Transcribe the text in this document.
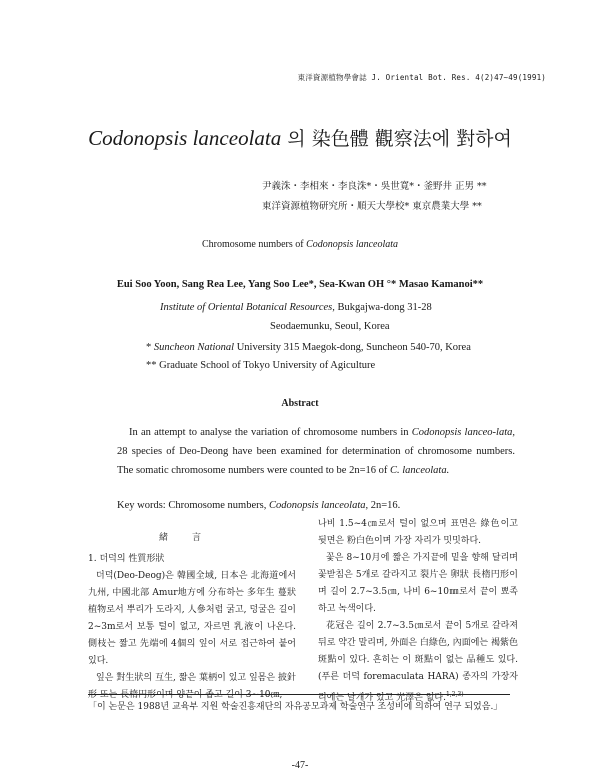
東洋資源植物學會誌 J. Oriental Bot. Res. 4(2)47~49(1991)
Codonopsis lanceolata 의 染色體 觀察法에 對하여
尹義洙・李相來・李良洙*・吳世寬*・釜野井 正男 **
東洋資源植物研究所・順天大學校* 東京農業大學 **
Chromosome numbers of Codonopsis lanceolata
Eui Soo Yoon, Sang Rea Lee, Yang Soo Lee*, Sea-Kwan OH °* Masao Kamanoi**
Institute of Oriental Botanical Resources, Bukgajwa-dong 31-28
Seodaemunku, Seoul, Korea
* Suncheon National University 315 Maegok-dong, Suncheon 540-70, Korea
** Graduate School of Tokyo University of Agiculture
Abstract
In an attempt to analyse the variation of chromosome numbers in Codonopsis lanceo-lata, 28 species of Deo-Deong have been examined for determination of chromosome numbers. The somatic chromosome numbers were counted to be 2n=16 of C. lanceolata.
Key words: Chromosome numbers, Codonopsis lanceolata, 2n=16.
緒言
1. 더덕의 性質形狀

더덕(Deo-Deog)은 韓國全域, 日本은 北海道에서 九州, 中國北部 Amur地方에 分布하는 多年生 蔓狀植物로서 뿌리가 도라지, 人參처럼 굵고, 덩굴은 길이 2~3m로서 보통 털이 없고, 자르면 乳液이 나온다. 側枝는 짧고 先端에 4個의 잎이 서로 접근하여 붙어 있다.

잎은 對生狀의 互生, 짧은 葉柄이 있고 잎몸은 披針形 또는 長楕円形이며 양끝이 좁고 길이 3~10㎝,

나비 1.5~4㎝로서 털이 없으며 표면은 綠色이고 뒷면은 粉白色이며 가장 자리가 밋밋하다.

꽃은 8~10月에 짧은 가지끝에 밑을 향해 달리며 꽃받침은 5개로 갈라지고 裂片은 卵狀 長楕円形이며 길이 2.7~3.5㎝, 나비 6~10㎜로서 끝이 뾰족하고 녹색이다.

花冠은 길이 2.7~3.5㎝로서 끝이 5개로 갈라져 뒤로 약간 말리며, 外面은 白綠色, 內面에는 褐紫色 斑點이 있다. 흔히는 이 斑點이 없는 品種도 있다. (푸른 더덕 foremaculata HARA) 종자의 가장자리에는 날개가 있고 光澤은 없다.$^{1,2,3)}$

「이 논문은 1988년 교육부 지원 학술진흥재단의 자유공모과제 학술연구 조성비에 의하여 연구 되었음.」
-47-
